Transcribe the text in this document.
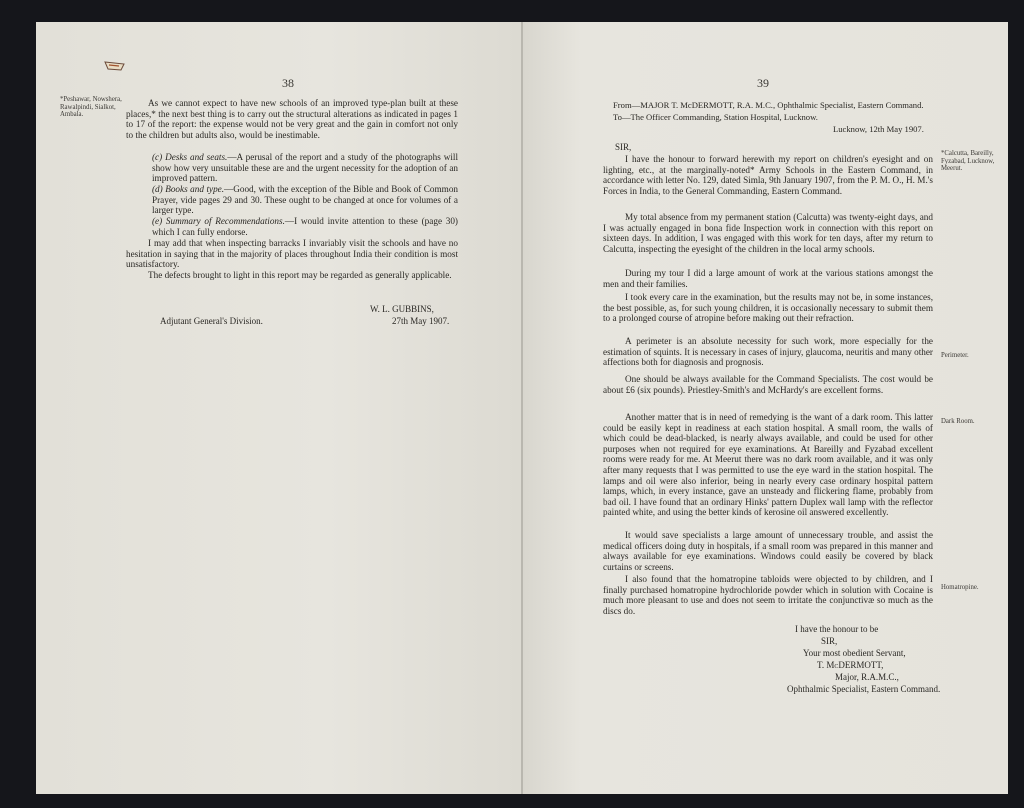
38
*Peshawar, Nowshera, Rawalpindi, Sialkot, Ambala.
As we cannot expect to have new schools of an improved type-plan built at these places,* the next best thing is to carry out the structural alterations as indicated in pages 1 to 17 of the report: the expense would not be very great and the gain in comfort not only to the children but adults also, would be inestimable.
(c) Desks and seats.—A perusal of the report and a study of the photographs will show how very unsuitable these are and the urgent necessity for the adoption of an improved pattern.
(d) Books and type.—Good, with the exception of the Bible and Book of Common Prayer, vide pages 29 and 30. These ought to be changed at once for volumes of a larger type.
(e) Summary of Recommendations.—I would invite attention to these (page 30) which I can fully endorse.
I may add that when inspecting barracks I invariably visit the schools and have no hesitation in saying that in the majority of places throughout India their condition is most unsatisfactory.
The defects brought to light in this report may be regarded as generally applicable.
W. L. GUBBINS,
Adjutant General's Division.	27th May 1907.
39
From—MAJOR T. McDERMOTT, R.A. M.C., Ophthalmic Specialist, Eastern Command.
To—The Officer Commanding, Station Hospital, Lucknow.
Lucknow, 12th May 1907.
SIR,
*Calcutta, Bareilly, Fyzabad, Lucknow, Meerut.
Perimeter.
Dark Room.
Homatropine.
I have the honour to forward herewith my report on children's eyesight and on lighting, etc., at the marginally-noted* Army Schools in the Eastern Command, in accordance with letter No. 129, dated Simla, 9th January 1907, from the P. M. O., H. M.'s Forces in India, to the General Commanding, Eastern Command.
My total absence from my permanent station (Calcutta) was twenty-eight days, and I was actually engaged in bona fide Inspection work in connection with this report on sixteen days. In addition, I was engaged with this work for ten days, after my return to Calcutta, inspecting the eyesight of the children in the local army schools.
During my tour I did a large amount of work at the various stations amongst the men and their families.
I took every care in the examination, but the results may not be, in some instances, the best possible, as, for such young children, it is occasionally necessary to submit them to a prolonged course of atropine before making out their refraction.
A perimeter is an absolute necessity for such work, more especially for the estimation of squints. It is necessary in cases of injury, glaucoma, neuritis and many other affections both for diagnosis and prognosis.
One should be always available for the Command Specialists. The cost would be about £6 (six pounds). Priestley-Smith's and McHardy's are excellent forms.
Another matter that is in need of remedying is the want of a dark room. This latter could be easily kept in readiness at each station hospital. A small room, the walls of which could be dead-blacked, is nearly always available, and could be used for other purposes when not required for eye examinations. At Bareilly and Fyzabad excellent rooms were ready for me. At Meerut there was no dark room available, and it was only after many requests that I was permitted to use the eye ward in the station hospital. The lamps and oil were also inferior, being in nearly every case ordinary hospital pattern lamps, which, in every instance, gave an unsteady and flickering flame, probably from bad oil. I have found that an ordinary Hinks' pattern Duplex wall lamp with the reflector painted white, and using the better kinds of kerosine oil answered excellently.
It would save specialists a large amount of unnecessary trouble, and assist the medical officers doing duty in hospitals, if a small room was prepared in this manner and always available for eye examinations. Windows could easily be covered by black curtains or screens.
I also found that the homatropine tabloids were objected to by children, and I finally purchased homatropine hydrochloride powder which in solution with Cocaine is much more pleasant to use and does not seem to irritate the conjunctivæ so much as the discs do.
I have the honour to be
SIR,
Your most obedient Servant,
T. McDERMOTT,
Major, R.A.M.C.,
Ophthalmic Specialist, Eastern Command.
